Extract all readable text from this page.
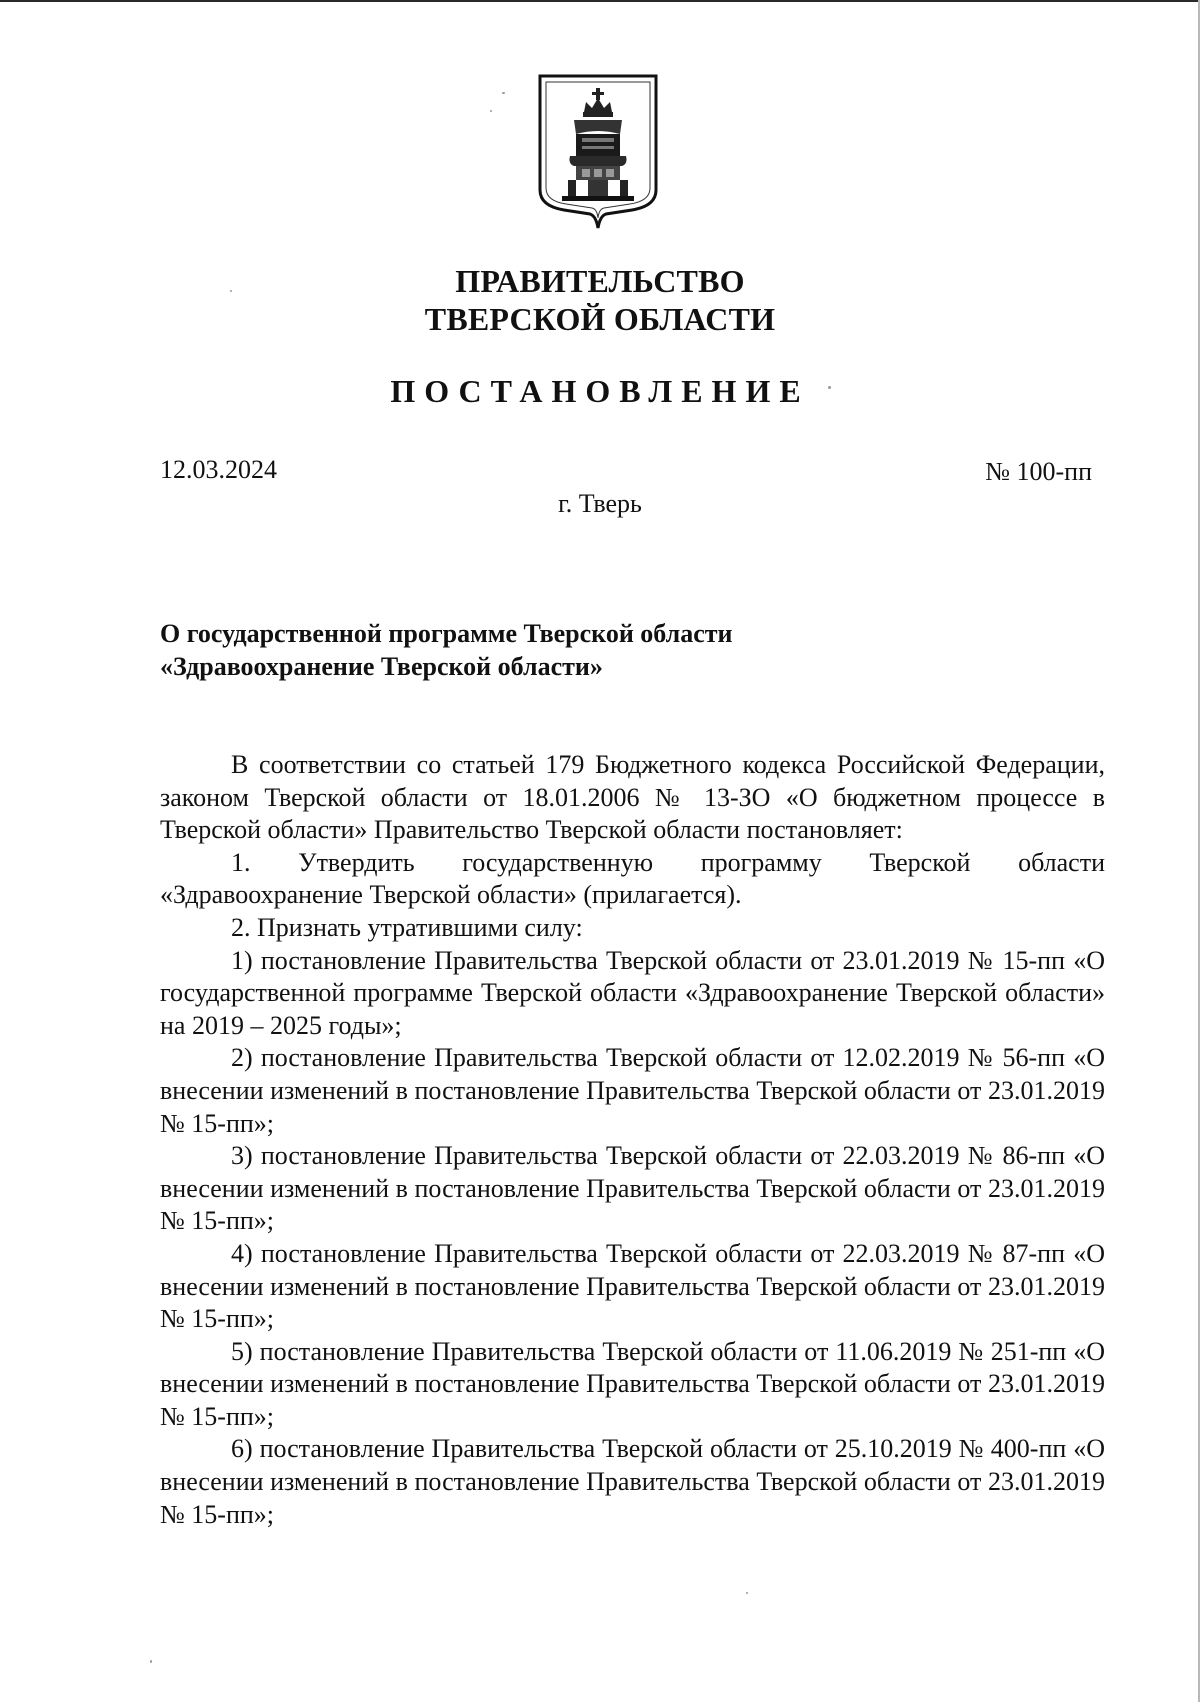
ПРАВИТЕЛЬСТВО
ТВЕРСКОЙ ОБЛАСТИ
ПОСТАНОВЛЕНИЕ
12.03.2024	№ 100-пп
г. Тверь
О государственной программе Тверской области
«Здравоохранение Тверской области»

В соответствии со статьей 179 Бюджетного кодекса Российской Федерации, законом Тверской области от 18.01.2006 № 13-ЗО «О бюджетном процессе в Тверской области» Правительство Тверской области постановляет:

1. Утвердить государственную программу Тверской области «Здравоохранение Тверской области» (прилагается).

2. Признать утратившими силу:

1) постановление Правительства Тверской области от 23.01.2019 № 15-пп «О государственной программе Тверской области «Здравоохранение Тверской области» на 2019 – 2025 годы»;

2) постановление Правительства Тверской области от 12.02.2019 № 56-пп «О внесении изменений в постановление Правительства Тверской области от 23.01.2019 № 15-пп»;

3) постановление Правительства Тверской области от 22.03.2019 № 86-пп «О внесении изменений в постановление Правительства Тверской области от 23.01.2019 № 15-пп»;

4) постановление Правительства Тверской области от 22.03.2019 № 87-пп «О внесении изменений в постановление Правительства Тверской области от 23.01.2019 № 15-пп»;

5) постановление Правительства Тверской области от 11.06.2019 № 251-пп «О внесении изменений в постановление Правительства Тверской области от 23.01.2019 № 15-пп»;

6) постановление Правительства Тверской области от 25.10.2019 № 400-пп «О внесении изменений в постановление Правительства Тверской области от 23.01.2019 № 15-пп»;
